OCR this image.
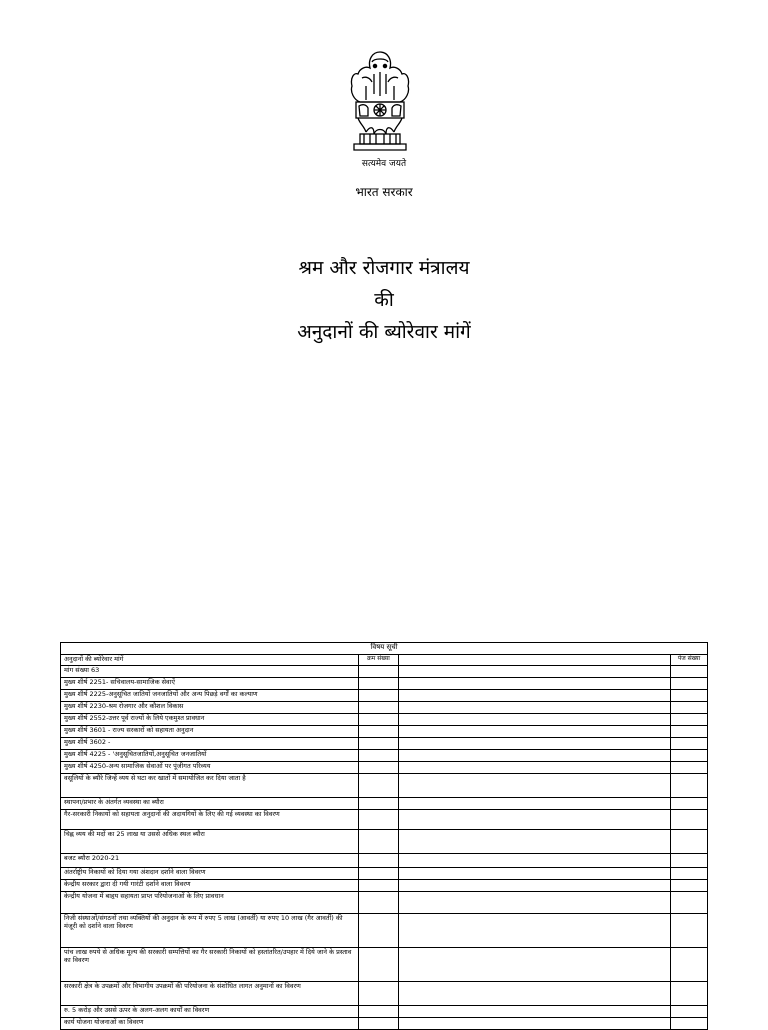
सत्यमेव जयते
भारत सरकार
श्रम और रोजगार मंत्रालय
की
अनुदानों की ब्योरेवार मांगें
विषय सूची			
अनुदानों की ब्योरेवार मांगें	क्रम संख्या		पेज संख्या
मांग संख्या 63			
मुख्य शीर्ष 2251- सचिवालय-सामाजिक सेवाऐं			
मुख्य शीर्ष 2225-अनुसूचित जातियों जनजातियों और अन्य पिछड़े वर्गों का कल्याण			
मुख्य शीर्ष 2230-श्रम रोजगार और कौशल विकास			
मुख्य शीर्ष 2552-उत्तर पूर्व राज्यों के लिये एकमुश्त प्रावधान			
मुख्य शीर्ष 3601 - राज्य सरकारों को सहायता अनुदान			
मुख्य शीर्ष 3602 -			
मुख्य शीर्ष 4225 - 'अनुसूचितजातियों,अनुसूचित जनजातियों			
मुख्य शीर्ष 4250-अन्य सामाजिक सेवाओं पर पूंजीगत परिव्यय			
वसूलियों के ब्यौरे जिन्हें व्यय से घटा कर खातों में समायोजित कर दिया जाता है			
स्थापना/प्रभार के अंतर्गत व्यवस्था का ब्यौरा			
गैर-सरकारी निकायों को सहायता अनुदानों की अदायगियों के लिए की गई व्यवस्था का विवरण			
चिह्न व्यय की मदों का 25 लाख या उससे अधिक स्थल ब्यौरा			
बजट ब्यौरा 2020-21			
अंतर्राष्ट्रीय निकायों को दिया गया अंशदान दर्शाने वाला विवरण			
केन्द्रीय सरकार द्वारा दी गयी गारंटी दर्शाने वाला विवरण			
केन्द्रीय योजना में बाहृय सहायता प्राप्त परियोजनाओं के लिए प्रावधान			
निजी संस्थाओं/संगठनों तथा व्यक्तियों की अनुदान के रूप में रुपए 5 लाख (आवर्ती) या रुपए 10 लाख (गैर आवर्ती) की मंजूरी को दर्शाने वाला विवरण			
पांच लाख रुपये से अधिक मूल्य की सरकारी सम्पत्तियों का गैर सरकारी निकायों को हस्तांतरित/उपहार में दिये जाने के प्रस्ताव का विवरण			
सरकारी क्षेत्र के उपक्रमों और विभागीय उपक्रमों की परियोजना के संशोधित लागत अनुमानों का विवरण			
रु. 5 करोड़ और उससे ऊपर के अलग-अलग कार्यों का विवरण			
कार्य योजना योजनाओं का विवरण			
